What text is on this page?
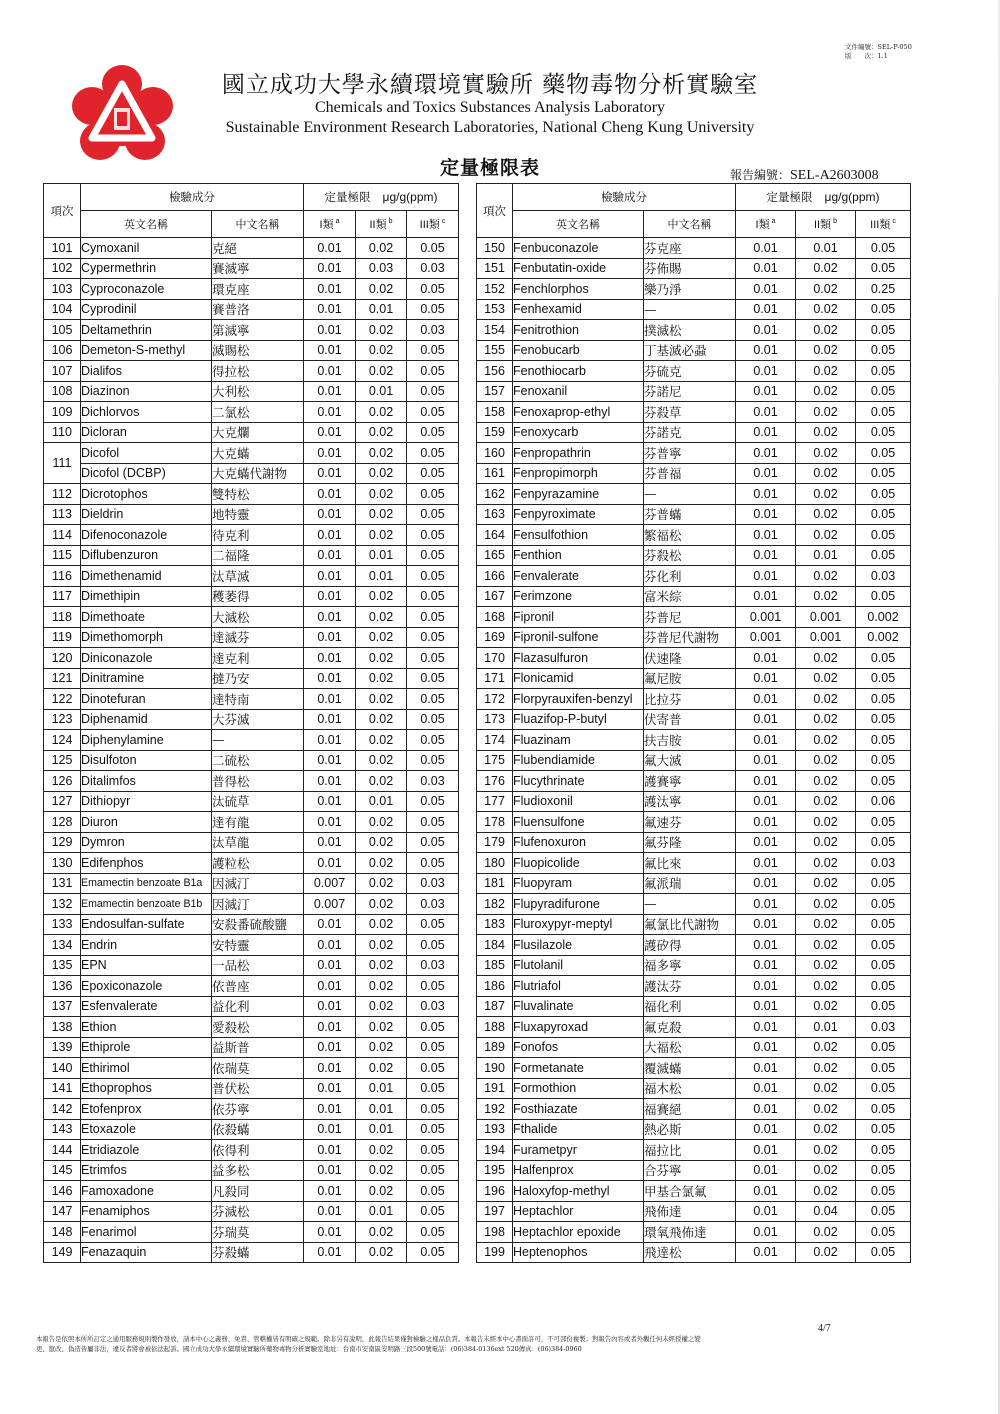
文件編號：SEL-P-050
版　　次：1.1
國立成功大學永續環境實驗所 藥物毒物分析實驗室
Chemicals and Toxics Substances Analysis Laboratory
Sustainable Environment Research Laboratories, National Cheng Kung University
定量極限表	報告編號：SEL-A2603008
項次	檢驗成分		定量極限 μg/g(ppm)		
	英文名稱	中文名稱	I類 $^a$	II類 $^b$	III類 $^c$
101	Cymoxanil	克絕	0.01	0.02	0.05
102	Cypermethrin	賽滅寧	0.01	0.03	0.03
103	Cyproconazole	環克座	0.01	0.02	0.05
104	Cyprodinil	賽普洛	0.01	0.01	0.05
105	Deltamethrin	第滅寧	0.01	0.02	0.03
106	Demeton-S-methyl	滅賜松	0.01	0.02	0.05
107	Dialifos	得拉松	0.01	0.02	0.05
108	Diazinon	大利松	0.01	0.01	0.05
109	Dichlorvos	二氯松	0.01	0.02	0.05
110	Dicloran	大克爛	0.01	0.02	0.05
111	Dicofol	大克蟎	0.01	0.02	0.05
	Dicofol (DCBP)	大克蟎代謝物	0.01	0.02	0.05
112	Dicrotophos	雙特松	0.01	0.02	0.05
113	Dieldrin	地特靈	0.01	0.02	0.05
114	Difenoconazole	待克利	0.01	0.02	0.05
115	Diflubenzuron	二福隆	0.01	0.01	0.05
116	Dimethenamid	汰草滅	0.01	0.01	0.05
117	Dimethipin	穫萎得	0.01	0.02	0.05
118	Dimethoate	大滅松	0.01	0.02	0.05
119	Dimethomorph	達滅芬	0.01	0.02	0.05
120	Diniconazole	達克利	0.01	0.02	0.05
121	Dinitramine	撻乃安	0.01	0.02	0.05
122	Dinotefuran	達特南	0.01	0.02	0.05
123	Diphenamid	大芬滅	0.01	0.02	0.05
124	Diphenylamine	—	0.01	0.02	0.05
125	Disulfoton	二硫松	0.01	0.02	0.05
126	Ditalimfos	普得松	0.01	0.02	0.03
127	Dithiopyr	汰硫草	0.01	0.01	0.05
128	Diuron	達有龍	0.01	0.02	0.05
129	Dymron	汰草龍	0.01	0.02	0.05
130	Edifenphos	護粒松	0.01	0.02	0.05
131	Emamectin benzoate B1a	因滅汀	0.007	0.02	0.03
132	Emamectin benzoate B1b	因滅汀	0.007	0.02	0.03
133	Endosulfan-sulfate	安殺番硫酸鹽	0.01	0.02	0.05
134	Endrin	安特靈	0.01	0.02	0.05
135	EPN	一品松	0.01	0.02	0.03
136	Epoxiconazole	依普座	0.01	0.02	0.05
137	Esfenvalerate	益化利	0.01	0.02	0.03
138	Ethion	愛殺松	0.01	0.02	0.05
139	Ethiprole	益斯普	0.01	0.02	0.05
140	Ethirimol	依瑞莫	0.01	0.02	0.05
141	Ethoprophos	普伏松	0.01	0.01	0.05
142	Etofenprox	依芬寧	0.01	0.01	0.05
143	Etoxazole	依殺蟎	0.01	0.01	0.05
144	Etridiazole	依得利	0.01	0.02	0.05
145	Etrimfos	益多松	0.01	0.02	0.05
146	Famoxadone	凡殺同	0.01	0.02	0.05
147	Fenamiphos	芬滅松	0.01	0.01	0.05
148	Fenarimol	芬瑞莫	0.01	0.02	0.05
149	Fenazaquin	芬殺蟎	0.01	0.02	0.05
項次	檢驗成分		定量極限 μg/g(ppm)		
	英文名稱	中文名稱	I類 $^a$	II類 $^b$	III類 $^c$
150	Fenbuconazole	芬克座	0.01	0.01	0.05
151	Fenbutatin-oxide	芬佈賜	0.01	0.02	0.05
152	Fenchlorphos	樂乃淨	0.01	0.02	0.25
153	Fenhexamid	—	0.01	0.02	0.05
154	Fenitrothion	撲滅松	0.01	0.02	0.05
155	Fenobucarb	丁基滅必蝨	0.01	0.02	0.05
156	Fenothiocarb	芬硫克	0.01	0.02	0.05
157	Fenoxanil	芬諾尼	0.01	0.02	0.05
158	Fenoxaprop-ethyl	芬殺草	0.01	0.02	0.05
159	Fenoxycarb	芬諾克	0.01	0.02	0.05
160	Fenpropathrin	芬普寧	0.01	0.02	0.05
161	Fenpropimorph	芬普福	0.01	0.02	0.05
162	Fenpyrazamine	—	0.01	0.02	0.05
163	Fenpyroximate	芬普蟎	0.01	0.02	0.05
164	Fensulfothion	繁福松	0.01	0.02	0.05
165	Fenthion	芬殺松	0.01	0.01	0.05
166	Fenvalerate	芬化利	0.01	0.02	0.03
167	Ferimzone	富米綜	0.01	0.02	0.05
168	Fipronil	芬普尼	0.001	0.001	0.002
169	Fipronil-sulfone	芬普尼代謝物	0.001	0.001	0.002
170	Flazasulfuron	伏速隆	0.01	0.02	0.05
171	Flonicamid	氟尼胺	0.01	0.02	0.05
172	Florpyrauxifen-benzyl	比拉芬	0.01	0.02	0.05
173	Fluazifop-P-butyl	伏寄普	0.01	0.02	0.05
174	Fluazinam	扶吉胺	0.01	0.02	0.05
175	Flubendiamide	氟大滅	0.01	0.02	0.05
176	Flucythrinate	護賽寧	0.01	0.02	0.05
177	Fludioxonil	護汰寧	0.01	0.02	0.06
178	Fluensulfone	氟速芬	0.01	0.02	0.05
179	Flufenoxuron	氟芬隆	0.01	0.02	0.05
180	Fluopicolide	氟比來	0.01	0.02	0.03
181	Fluopyram	氟派瑞	0.01	0.02	0.05
182	Flupyradifurone	—	0.01	0.02	0.05
183	Fluroxypyr-meptyl	氟氯比代謝物	0.01	0.02	0.05
184	Flusilazole	護矽得	0.01	0.02	0.05
185	Flutolanil	福多寧	0.01	0.02	0.05
186	Flutriafol	護汰芬	0.01	0.02	0.05
187	Fluvalinate	福化利	0.01	0.02	0.05
188	Fluxapyroxad	氟克殺	0.01	0.01	0.03
189	Fonofos	大福松	0.01	0.02	0.05
190	Formetanate	覆滅蟎	0.01	0.02	0.05
191	Formothion	福木松	0.01	0.02	0.05
192	Fosthiazate	福賽絕	0.01	0.02	0.05
193	Fthalide	熱必斯	0.01	0.02	0.05
194	Furametpyr	福拉比	0.01	0.02	0.05
195	Halfenprox	合芬寧	0.01	0.02	0.05
196	Haloxyfop-methyl	甲基合氯氟	0.01	0.02	0.05
197	Heptachlor	飛佈達	0.01	0.04	0.05
198	Heptachlor epoxide	環氧飛佈達	0.01	0.02	0.05
199	Heptenophos	飛達松	0.01	0.02	0.05
4/7
本報告是依照本所所訂定之通用服務規則製作發放，請本中心之義務、免責、管轄權皆有明確之規範。除非另有說明，此報告結果僅對檢驗之樣品負責。本報告未經本中心書面許可，不可部份複製；對報告內容或者外觀任何未經授權之變
更、竄改、偽造皆屬非法，違反者將會被依法起訴。國立成功大學永續環境實驗所藥物毒物分析實驗室地址：台南市安南區安明路三段500號電話：(06)384-0136ext 520傳真：(06)384-0960
